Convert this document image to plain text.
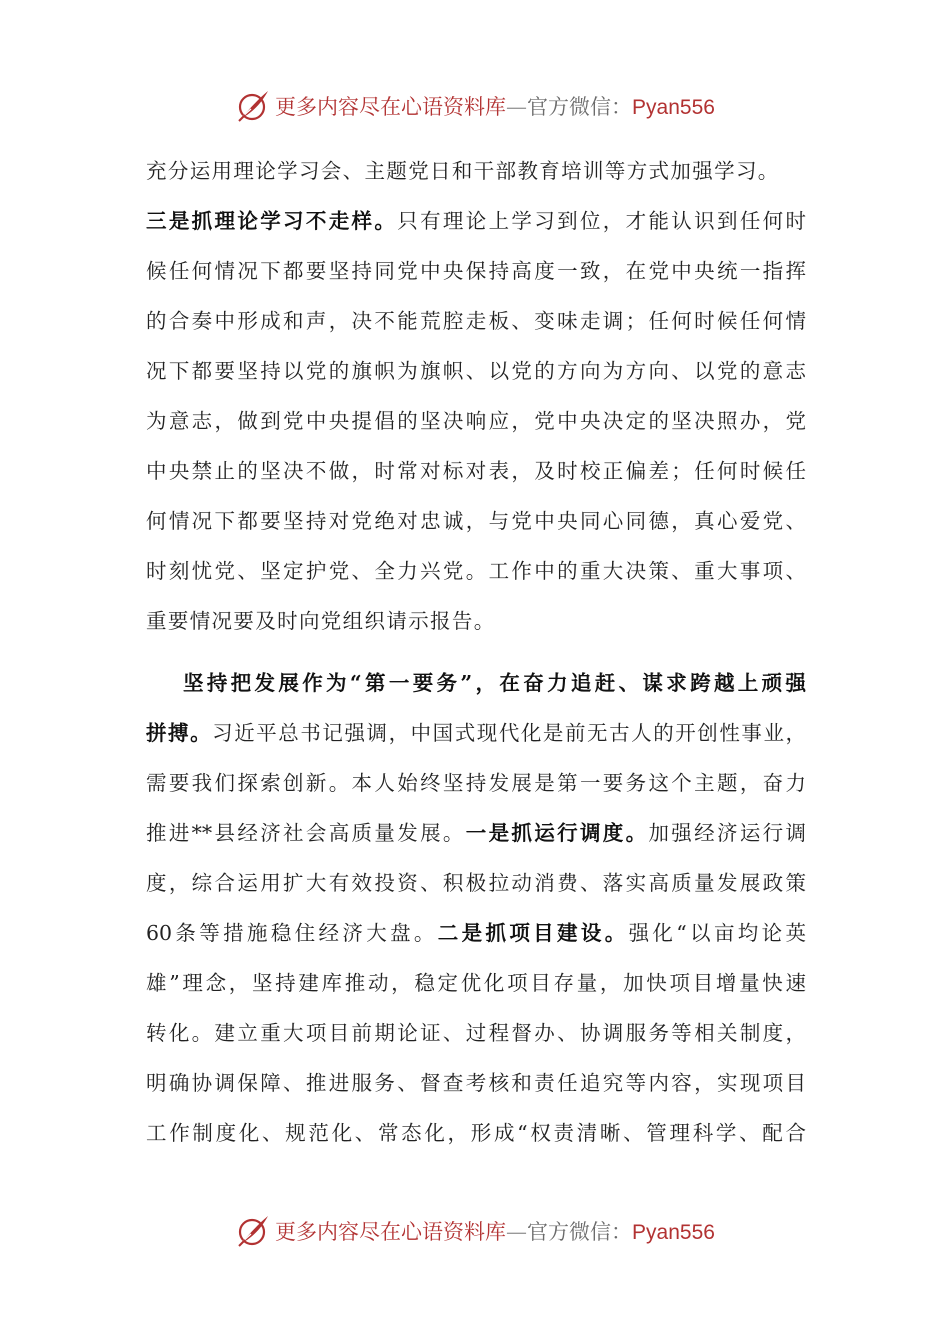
更多内容尽在心语资料库—官方微信：Pyan556
充分运用理论学习会、主题党日和干部教育培训等方式加强学习。
三是抓理论学习不走样。只有理论上学习到位，才能认识到任何时
候任何情况下都要坚持同党中央保持高度一致，在党中央统一指挥
的合奏中形成和声，决不能荒腔走板、变味走调；任何时候任何情
况下都要坚持以党的旗帜为旗帜、以党的方向为方向、以党的意志
为意志，做到党中央提倡的坚决响应，党中央决定的坚决照办，党
中央禁止的坚决不做，时常对标对表，及时校正偏差；任何时候任
何情况下都要坚持对党绝对忠诚，与党中央同心同德，真心爱党、
时刻忧党、坚定护党、全力兴党。工作中的重大决策、重大事项、
重要情况要及时向党组织请示报告。
坚持把发展作为“第一要务”，在奋力追赶、谋求跨越上顽强
拼搏。习近平总书记强调，中国式现代化是前无古人的开创性事业，
需要我们探索创新。本人始终坚持发展是第一要务这个主题，奋力
推进**县经济社会高质量发展。一是抓运行调度。加强经济运行调
度，综合运用扩大有效投资、积极拉动消费、落实高质量发展政策
60条等措施稳住经济大盘。二是抓项目建设。强化“以亩均论英
雄”理念，坚持建库推动，稳定优化项目存量，加快项目增量快速
转化。建立重大项目前期论证、过程督办、协调服务等相关制度，
明确协调保障、推进服务、督查考核和责任追究等内容，实现项目
工作制度化、规范化、常态化，形成“权责清晰、管理科学、配合
更多内容尽在心语资料库—官方微信：Pyan556
